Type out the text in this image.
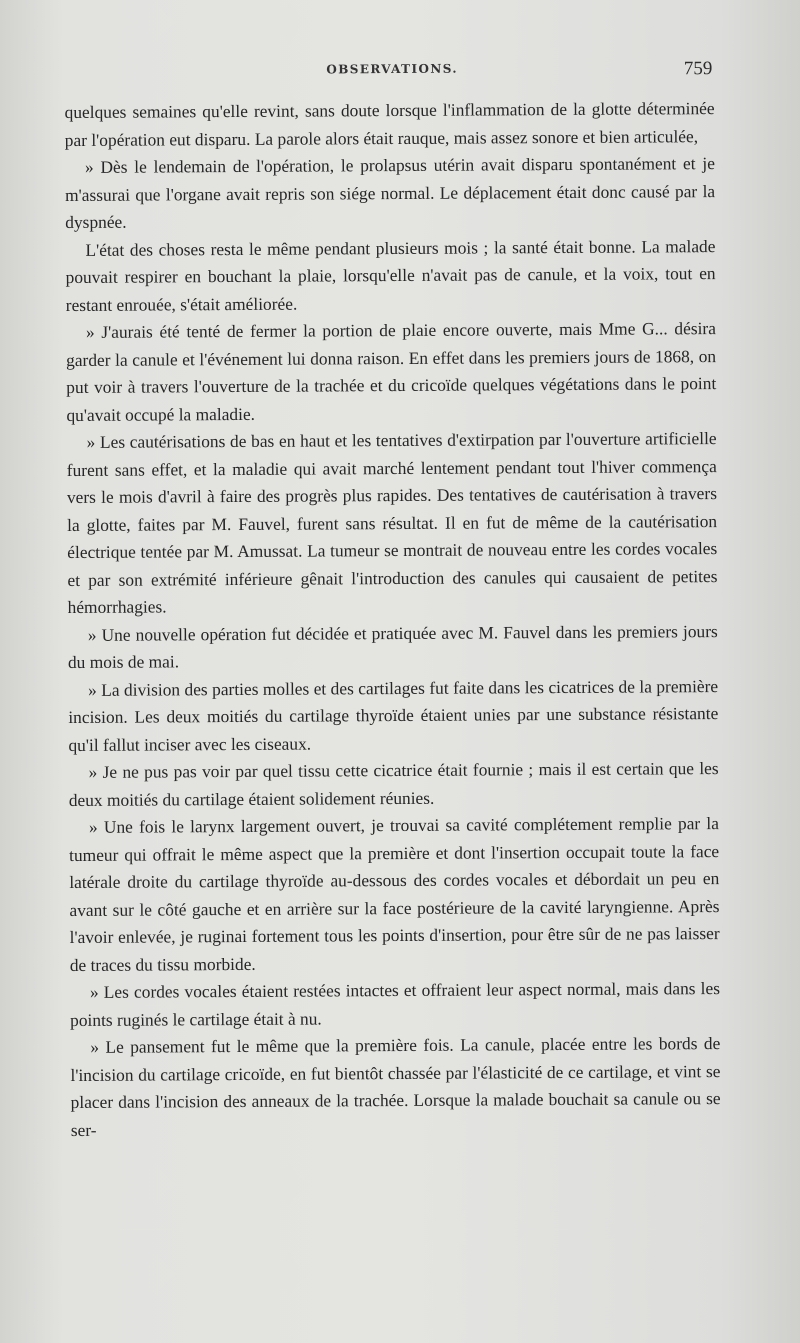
OBSERVATIONS.	759

quelques semaines qu'elle revint, sans doute lorsque l'inflammation de la glotte déterminée par l'opération eut disparu. La parole alors était rauque, mais assez sonore et bien articulée,

» Dès le lendemain de l'opération, le prolapsus utérin avait disparu spontanément et je m'assurai que l'organe avait repris son siége normal. Le déplacement était donc causé par la dyspnée.

L'état des choses resta le même pendant plusieurs mois ; la santé était bonne. La malade pouvait respirer en bouchant la plaie, lorsqu'elle n'avait pas de canule, et la voix, tout en restant enrouée, s'était améliorée.

» J'aurais été tenté de fermer la portion de plaie encore ouverte, mais Mme G... désira garder la canule et l'événement lui donna raison. En effet dans les premiers jours de 1868, on put voir à travers l'ouverture de la trachée et du cricoïde quelques végétations dans le point qu'avait occupé la maladie.

» Les cautérisations de bas en haut et les tentatives d'extirpation par l'ouverture artificielle furent sans effet, et la maladie qui avait marché lentement pendant tout l'hiver commença vers le mois d'avril à faire des progrès plus rapides. Des tentatives de cautérisation à travers la glotte, faites par M. Fauvel, furent sans résultat. Il en fut de même de la cautérisation électrique tentée par M. Amussat. La tumeur se montrait de nouveau entre les cordes vocales et par son extrémité inférieure gênait l'introduction des canules qui causaient de petites hémorrhagies.

» Une nouvelle opération fut décidée et pratiquée avec M. Fauvel dans les premiers jours du mois de mai.

» La division des parties molles et des cartilages fut faite dans les cicatrices de la première incision. Les deux moitiés du cartilage thyroïde étaient unies par une substance résistante qu'il fallut inciser avec les ciseaux.

» Je ne pus pas voir par quel tissu cette cicatrice était fournie ; mais il est certain que les deux moitiés du cartilage étaient solidement réunies.

» Une fois le larynx largement ouvert, je trouvai sa cavité complétement remplie par la tumeur qui offrait le même aspect que la première et dont l'insertion occupait toute la face latérale droite du cartilage thyroïde au-dessous des cordes vocales et débordait un peu en avant sur le côté gauche et en arrière sur la face postérieure de la cavité laryngienne. Après l'avoir enlevée, je ruginai fortement tous les points d'insertion, pour être sûr de ne pas laisser de traces du tissu morbide.

» Les cordes vocales étaient restées intactes et offraient leur aspect normal, mais dans les points ruginés le cartilage était à nu.

» Le pansement fut le même que la première fois. La canule, placée entre les bords de l'incision du cartilage cricoïde, en fut bientôt chassée par l'élasticité de ce cartilage, et vint se placer dans l'incision des anneaux de la trachée. Lorsque la malade bouchait sa canule ou se ser-
